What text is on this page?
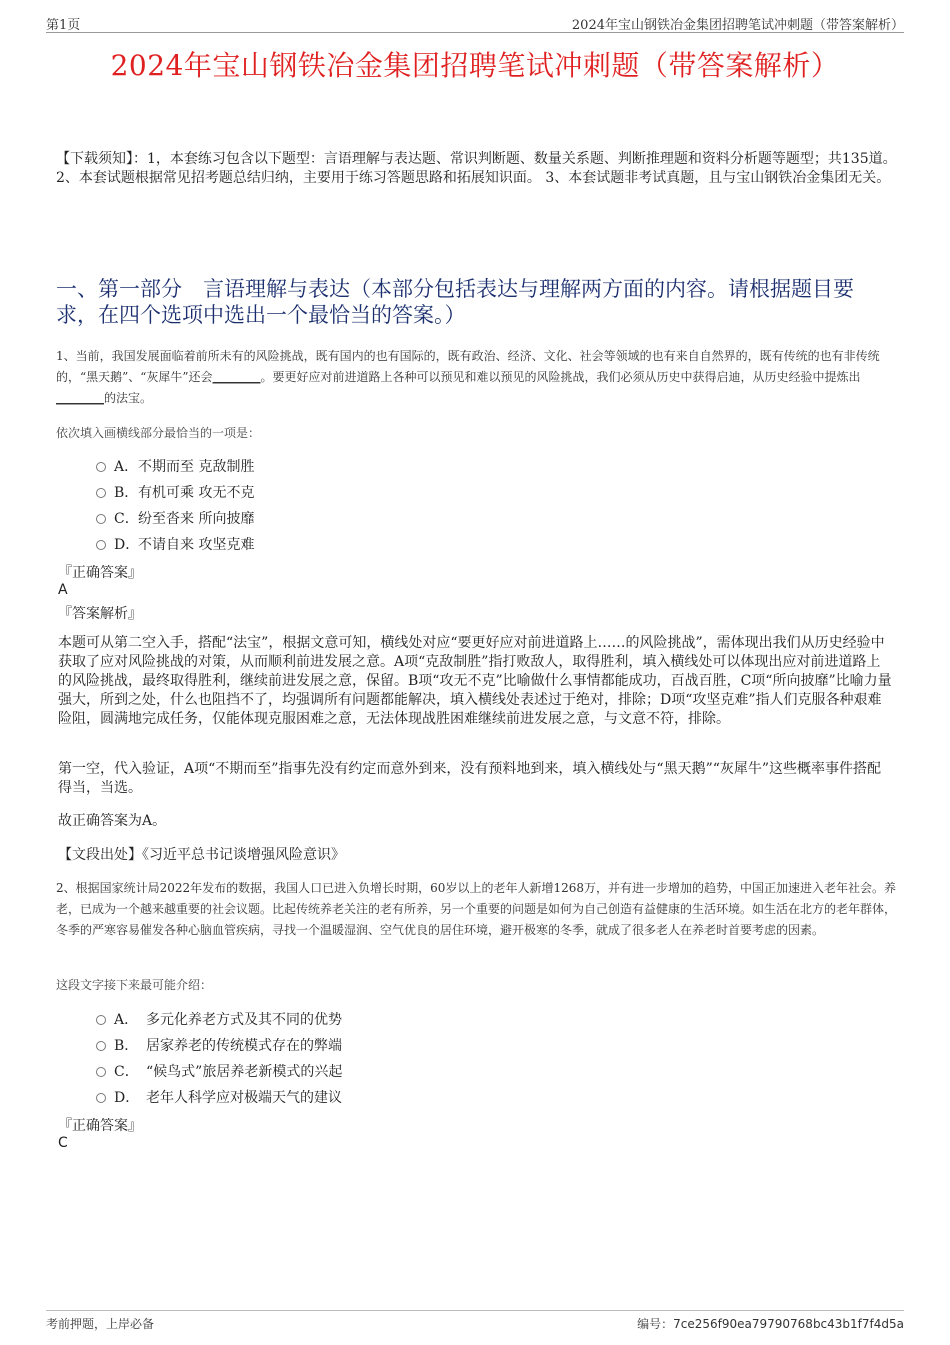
第1页	2024年宝山钢铁冶金集团招聘笔试冲刺题（带答案解析）
2024年宝山钢铁冶金集团招聘笔试冲刺题（带答案解析）
【下载须知】：1，本套练习包含以下题型：言语理解与表达题、常识判断题、数量关系题、判断推理题和资料分析题等题型；共135道。 2、本套试题根据常见招考题总结归纳，主要用于练习答题思路和拓展知识面。 3、本套试题非考试真题，且与宝山钢铁冶金集团无关。
一、第一部分　言语理解与表达（本部分包括表达与理解两方面的内容。请根据题目要求，在四个选项中选出一个最恰当的答案。）
1、当前，我国发展面临着前所未有的风险挑战，既有国内的也有国际的，既有政治、经济、文化、社会等领域的也有来自自然界的，既有传统的也有非传统的，“黑天鹅”、“灰犀牛”还会________。要更好应对前进道路上各种可以预见和难以预见的风险挑战，我们必须从历史中获得启迪，从历史经验中提炼出________的法宝。
依次填入画横线部分最恰当的一项是：
A． 不期而至 克敌制胜
B． 有机可乘 攻无不克
C． 纷至沓来 所向披靡
D．
不请自来 攻坚克难
『正确答案』
A
『答案解析』
本题可从第二空入手，搭配“法宝”，根据文意可知，横线处对应“要更好应对前进道路上……的风险挑战”，需体现出我们从历史经验中获取了应对风险挑战的对策，从而顺利前进发展之意。A项“克敌制胜”指打败敌人，取得胜利，填入横线处可以体现出应对前进道路上的风险挑战，最终取得胜利，继续前进发展之意，保留。B项“攻无不克”比喻做什么事情都能成功，百战百胜，C项“所向披靡”比喻力量强大，所到之处，什么也阻挡不了，均强调所有问题都能解决，填入横线处表述过于绝对，排除；D项“攻坚克难”指人们克服各种艰难险阻，圆满地完成任务，仅能体现克服困难之意，无法体现战胜困难继续前进发展之意，与文意不符，排除。
第一空，代入验证，A项“不期而至”指事先没有约定而意外到来，没有预料地到来，填入横线处与“黑天鹅”“灰犀牛”这些概率事件搭配得当，当选。
故正确答案为A。
【文段出处】《习近平总书记谈增强风险意识》
2、根据国家统计局2022年发布的数据，我国人口已进入负增长时期，60岁以上的老年人新增1268万，并有进一步增加的趋势，中国正加速进入老年社会。养老，已成为一个越来越重要的社会议题。比起传统养老关注的老有所养，另一个重要的问题是如何为自己创造有益健康的生活环境。如生活在北方的老年群体，冬季的严寒容易催发各种心脑血管疾病，寻找一个温暖湿润、空气优良的居住环境，避开极寒的冬季，就成了很多老人在养老时首要考虑的因素。
这段文字接下来最可能介绍：
A． 多元化养老方式及其不同的优势
B． 居家养老的传统模式存在的弊端
C． “候鸟式”旅居养老新模式的兴起
D． 老年人科学应对极端天气的建议
『正确答案』
C
考前押题，上岸必备	编号：7ce256f90ea79790768bc43b1f7f4d5a
